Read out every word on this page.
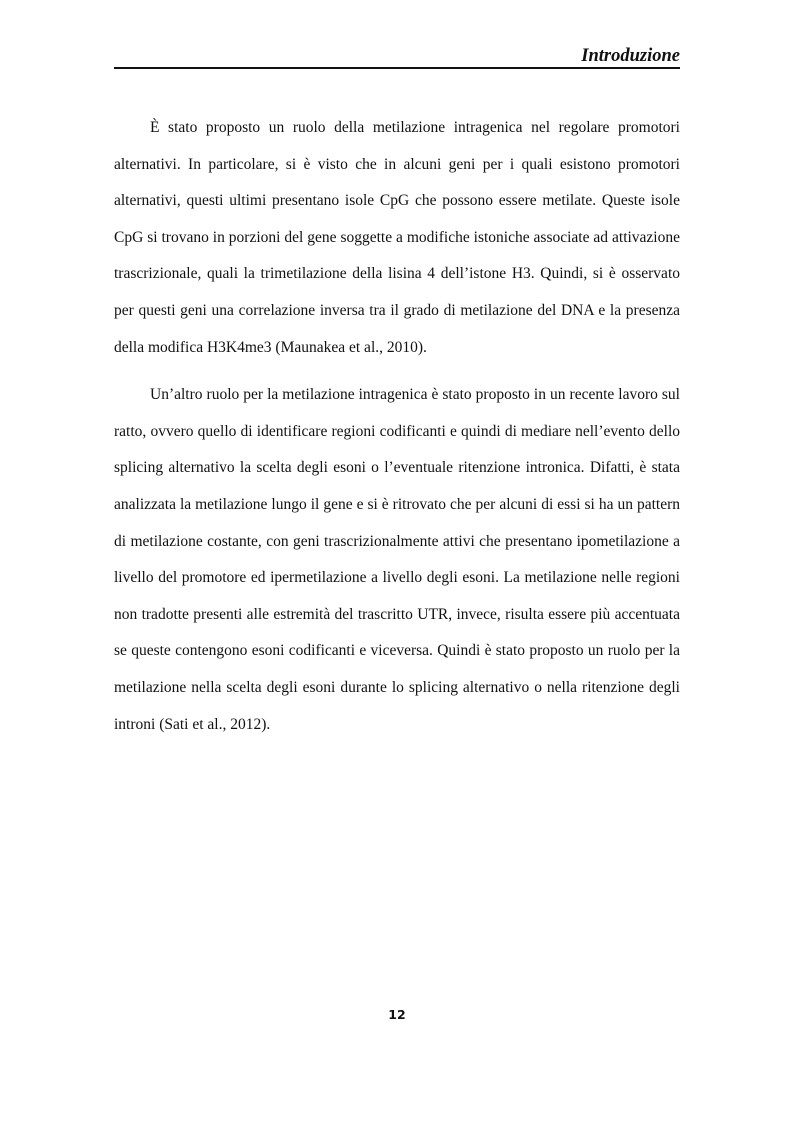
Introduzione

È stato proposto un ruolo della metilazione intragenica nel regolare promotori alternativi. In particolare, si è visto che in alcuni geni per i quali esistono promotori alternativi, questi ultimi presentano isole CpG che possono essere metilate. Queste isole CpG si trovano in porzioni del gene soggette a modifiche istoniche associate ad attivazione trascrizionale, quali la trimetilazione della lisina 4 dell’istone H3. Quindi, si è osservato per questi geni una correlazione inversa tra il grado di metilazione del DNA e la presenza della modifica H3K4me3 (Maunakea et al., 2010).

Un’altro ruolo per la metilazione intragenica è stato proposto in un recente lavoro sul ratto, ovvero quello di identificare regioni codificanti e quindi di mediare nell’evento dello splicing alternativo la scelta degli esoni o l’eventuale ritenzione intronica. Difatti, è stata analizzata la metilazione lungo il gene e si è ritrovato che per alcuni di essi si ha un pattern di metilazione costante, con geni trascrizionalmente attivi che presentano ipometilazione a livello del promotore ed ipermetilazione a livello degli esoni. La metilazione nelle regioni non tradotte presenti alle estremità del trascritto UTR, invece, risulta essere più accentuata se queste contengono esoni codificanti e viceversa. Quindi è stato proposto un ruolo per la metilazione nella scelta degli esoni durante lo splicing alternativo o nella ritenzione degli introni (Sati et al., 2012).

12
